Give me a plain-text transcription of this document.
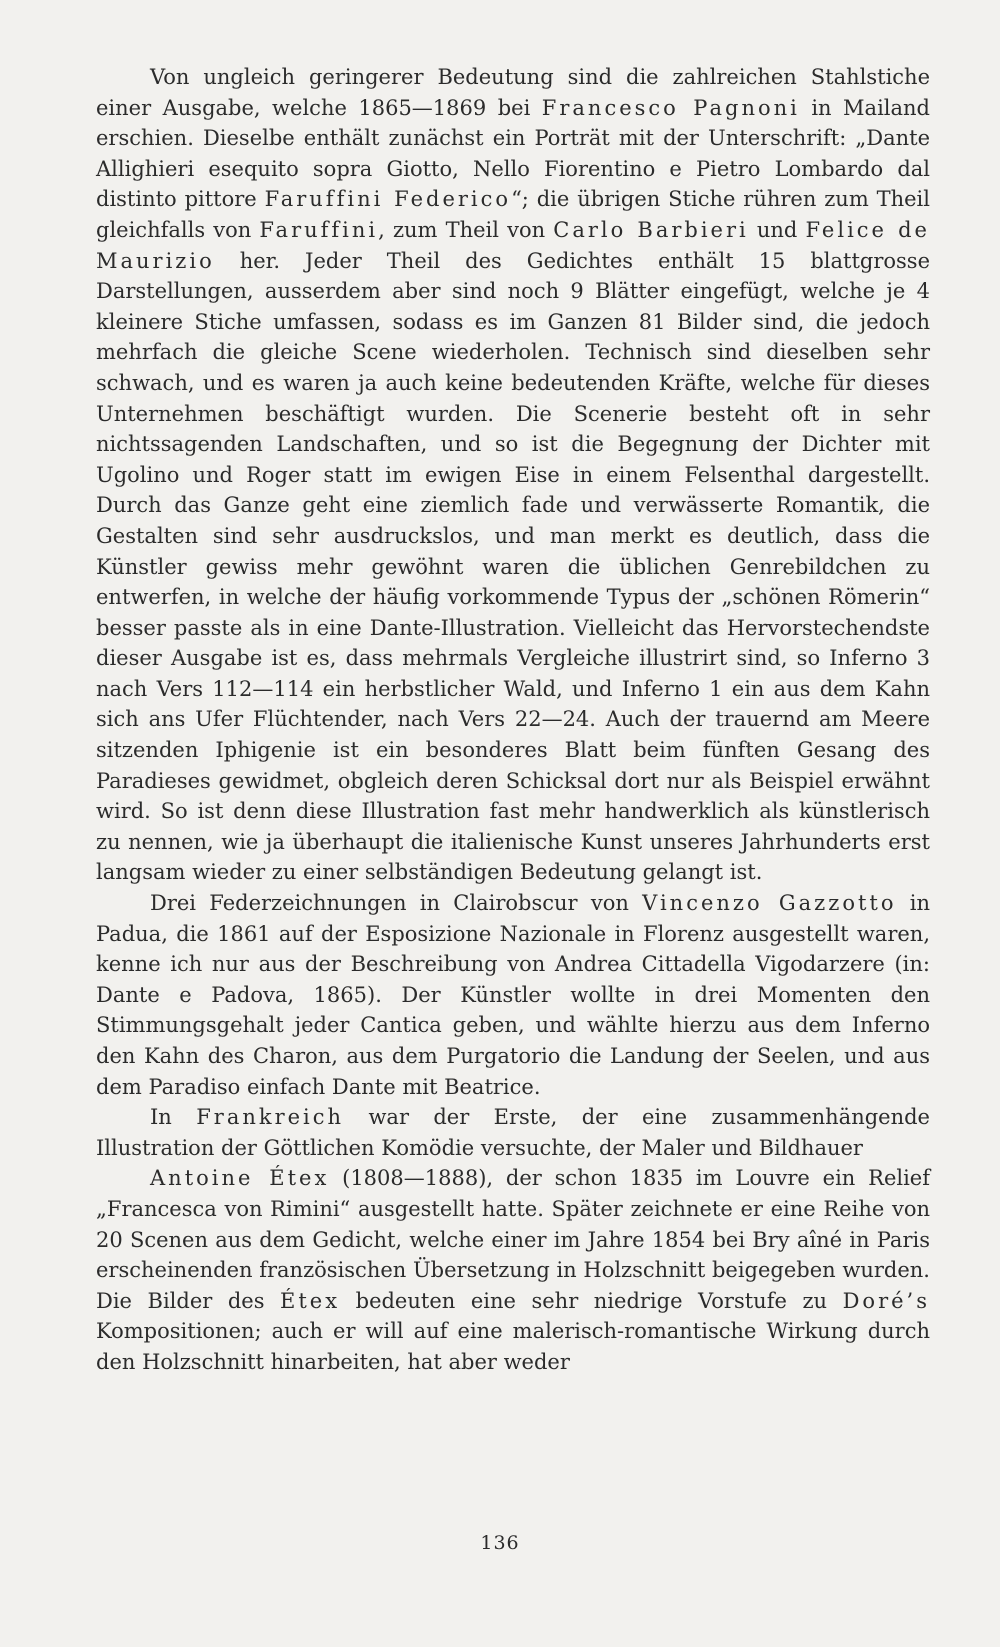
Von ungleich geringerer Bedeutung sind die zahlreichen Stahlstiche einer Ausgabe, welche 1865—1869 bei Francesco Pagnoni in Mailand erschien. Dieselbe enthält zunächst ein Porträt mit der Unterschrift: „Dante Allighieri esequito sopra Giotto, Nello Fiorentino e Pietro Lombardo dal distinto pittore Faruffini Federico“; die übrigen Stiche rühren zum Theil gleichfalls von Faruffini, zum Theil von Carlo Barbieri und Felice de Maurizio her. Jeder Theil des Gedichtes enthält 15 blattgrosse Darstellungen, ausserdem aber sind noch 9 Blätter eingefügt, welche je 4 kleinere Stiche umfassen, sodass es im Ganzen 81 Bilder sind, die jedoch mehrfach die gleiche Scene wiederholen. Technisch sind dieselben sehr schwach, und es waren ja auch keine bedeutenden Kräfte, welche für dieses Unternehmen beschäftigt wurden. Die Scenerie besteht oft in sehr nichtssagenden Landschaften, und so ist die Begegnung der Dichter mit Ugolino und Roger statt im ewigen Eise in einem Felsenthal dargestellt. Durch das Ganze geht eine ziemlich fade und verwässerte Romantik, die Gestalten sind sehr ausdruckslos, und man merkt es deutlich, dass die Künstler gewiss mehr gewöhnt waren die üblichen Genrebildchen zu entwerfen, in welche der häufig vorkommende Typus der „schönen Römerin“ besser passte als in eine Dante-Illustration. Vielleicht das Hervorstechendste dieser Ausgabe ist es, dass mehrmals Vergleiche illustrirt sind, so Inferno 3 nach Vers 112—114 ein herbstlicher Wald, und Inferno 1 ein aus dem Kahn sich ans Ufer Flüchtender, nach Vers 22—24. Auch der trauernd am Meere sitzenden Iphigenie ist ein besonderes Blatt beim fünften Gesang des Paradieses gewidmet, obgleich deren Schicksal dort nur als Beispiel erwähnt wird. So ist denn diese Illustration fast mehr handwerklich als künstlerisch zu nennen, wie ja überhaupt die italienische Kunst unseres Jahrhunderts erst langsam wieder zu einer selbständigen Bedeutung gelangt ist.

Drei Federzeichnungen in Clairobscur von Vincenzo Gazzotto in Padua, die 1861 auf der Esposizione Nazionale in Florenz ausgestellt waren, kenne ich nur aus der Beschreibung von Andrea Cittadella Vigodarzere (in: Dante e Padova, 1865). Der Künstler wollte in drei Momenten den Stimmungsgehalt jeder Cantica geben, und wählte hierzu aus dem Inferno den Kahn des Charon, aus dem Purgatorio die Landung der Seelen, und aus dem Paradiso einfach Dante mit Beatrice.

In Frankreich war der Erste, der eine zusammenhängende Illustration der Göttlichen Komödie versuchte, der Maler und Bildhauer

Antoine Étex (1808—1888), der schon 1835 im Louvre ein Relief „Francesca von Rimini“ ausgestellt hatte. Später zeichnete er eine Reihe von 20 Scenen aus dem Gedicht, welche einer im Jahre 1854 bei Bry aîné in Paris erscheinenden französischen Übersetzung in Holzschnitt beigegeben wurden. Die Bilder des Étex bedeuten eine sehr niedrige Vorstufe zu Doré’s Kompositionen; auch er will auf eine malerisch-romantische Wirkung durch den Holzschnitt hinarbeiten, hat aber weder

136
